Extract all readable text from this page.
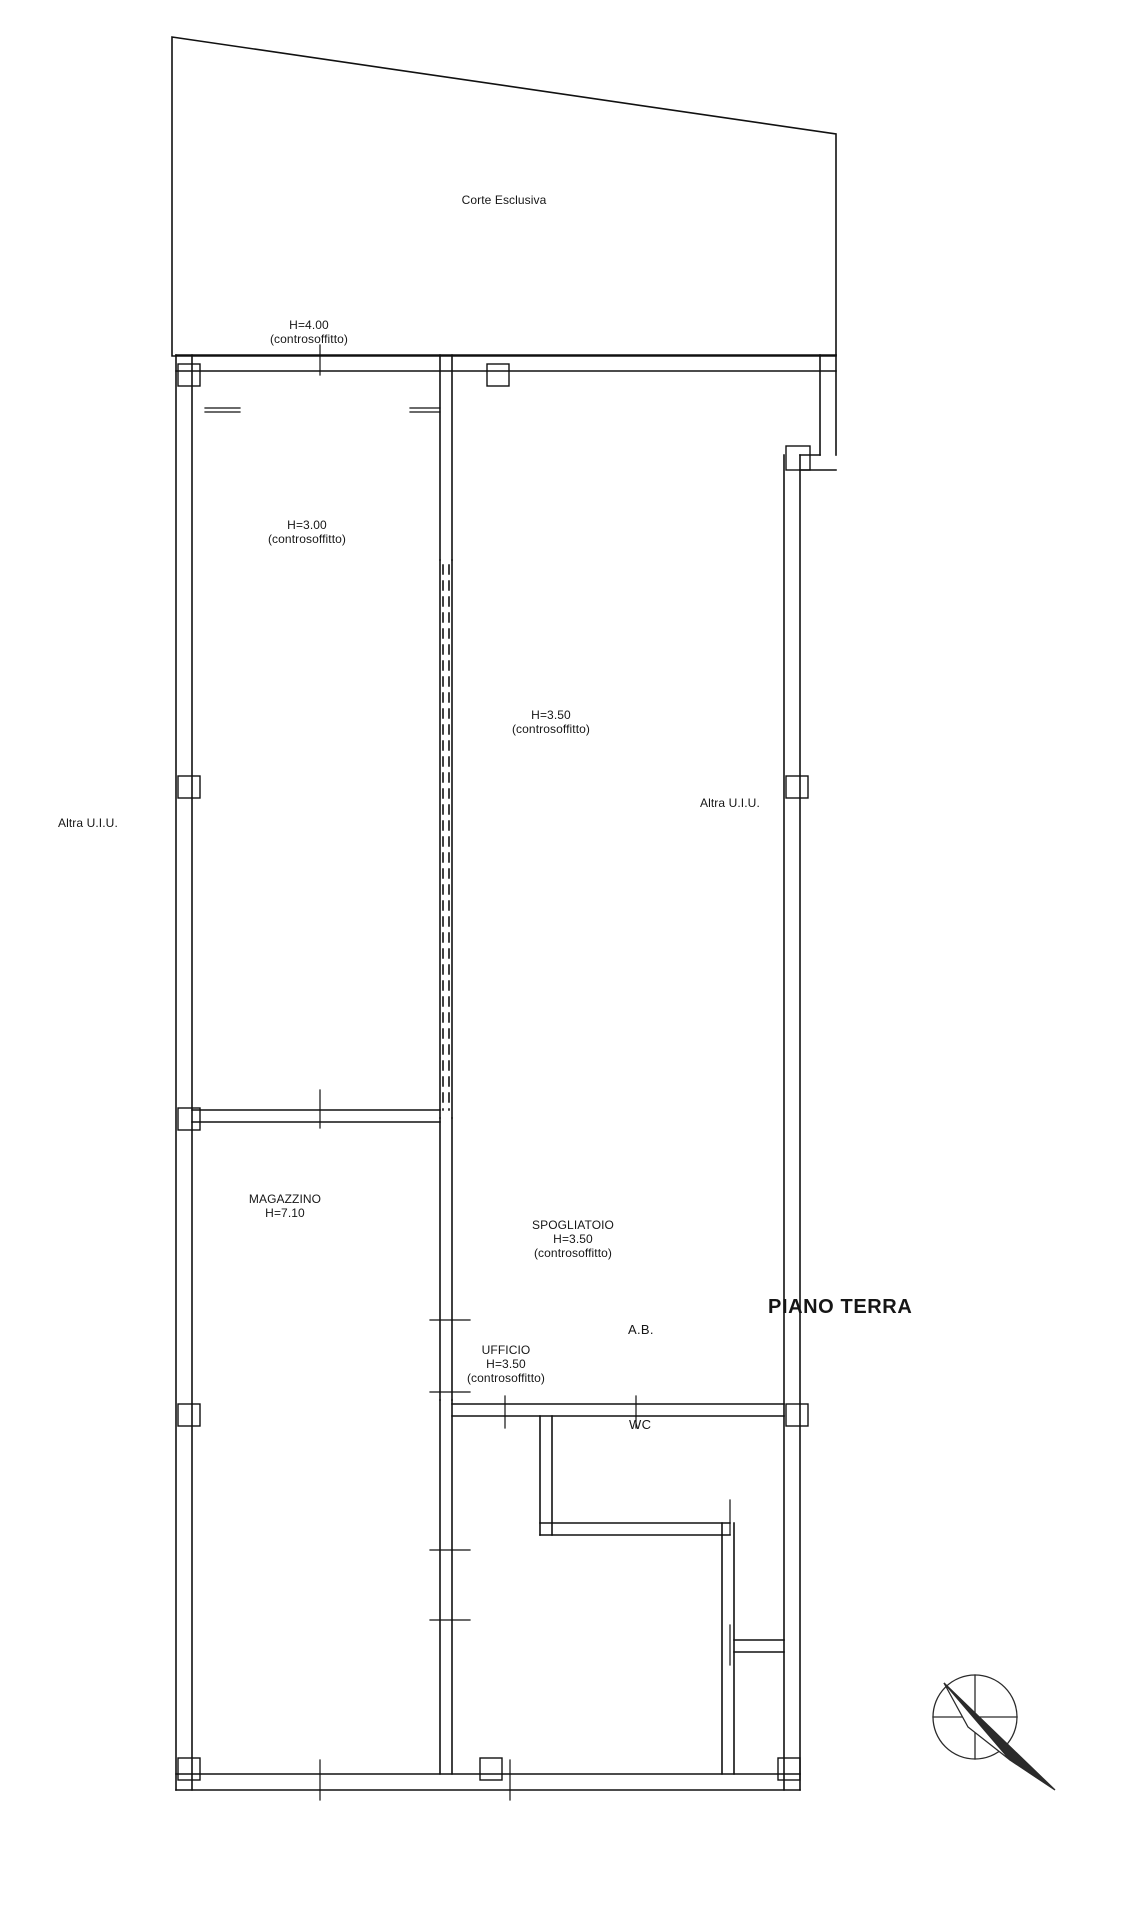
Corte Esclusiva
H=4.00
(controsoffitto)
H=3.00
(controsoffitto)
H=3.50
(controsoffitto)
Altra U.I.U.
Altra U.I.U.
MAGAZZINO
H=7.10
SPOGLIATOIO
H=3.50
(controsoffitto)
UFFICIO
H=3.50
(controsoffitto)
A.B.
WC
PIANO TERRA
